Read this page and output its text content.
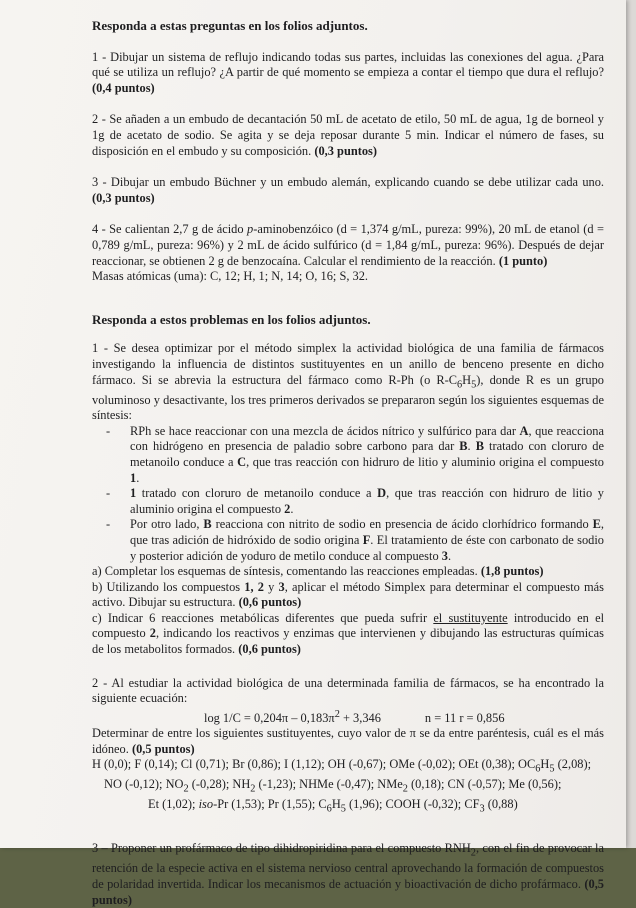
Responda a estas preguntas en los folios adjuntos.

1 - Dibujar un sistema de reflujo indicando todas sus partes, incluidas las conexiones del agua. ¿Para qué se utiliza un reflujo? ¿A partir de qué momento se empieza a contar el tiempo que dura el reflujo? (0,4 puntos)

2 - Se añaden a un embudo de decantación 50 mL de acetato de etilo, 50 mL de agua, 1g de borneol y 1g de acetato de sodio. Se agita y se deja reposar durante 5 min. Indicar el número de fases, su disposición en el embudo y su composición. (0,3 puntos)

3 - Dibujar un embudo Büchner y un embudo alemán, explicando cuando se debe utilizar cada uno. (0,3 puntos)

4 - Se calientan 2,7 g de ácido p-aminobenzóico (d = 1,374 g/mL, pureza: 99%), 20 mL de etanol (d = 0,789 g/mL, pureza: 96%) y 2 mL de ácido sulfúrico (d = 1,84 g/mL, pureza: 96%). Después de dejar reaccionar, se obtienen 2 g de benzocaína. Calcular el rendimiento de la reacción. (1 punto)

Masas atómicas (uma): C, 12; H, 1; N, 14; O, 16; S, 32.

Responda a estos problemas en los folios adjuntos.

1 - Se desea optimizar por el método simplex la actividad biológica de una familia de fármacos investigando la influencia de distintos sustituyentes en un anillo de benceno presente en dicho fármaco. Si se abrevia la estructura del fármaco como R-Ph (o $R-C_6H_5$), donde R es un grupo voluminoso y desactivante, los tres primeros derivados se prepararon según los siguientes esquemas de síntesis:

- RPh se hace reaccionar con una mezcla de ácidos nítrico y sulfúrico para dar A, que reacciona con hidrógeno en presencia de paladio sobre carbono para dar B. B tratado con cloruro de metanoilo conduce a C, que tras reacción con hidruro de litio y aluminio origina el compuesto 1.
- 1 tratado con cloruro de metanoilo conduce a D, que tras reacción con hidruro de litio y aluminio origina el compuesto 2.
- Por otro lado, B reacciona con nitrito de sodio en presencia de ácido clorhídrico formando E, que tras adición de hidróxido de sodio origina F. El tratamiento de éste con carbonato de sodio y posterior adición de yoduro de metilo conduce al compuesto 3.

a) Completar los esquemas de síntesis, comentando las reacciones empleadas. (1,8 puntos)

b) Utilizando los compuestos 1, 2 y 3, aplicar el método Simplex para determinar el compuesto más activo. Dibujar su estructura. (0,6 puntos)

c) Indicar 6 reacciones metabólicas diferentes que pueda sufrir el sustituyente introducido en el compuesto 2, indicando los reactivos y enzimas que intervienen y dibujando las estructuras químicas de los metabolitos formados. (0,6 puntos)

2 - Al estudiar la actividad biológica de una determinada familia de fármacos, se ha encontrado la siguiente ecuación:

$\log 1/C = 0,204\pi - 0,183\pi^2 + 3,346$	n = 11 r = 0,856

Determinar de entre los siguientes sustituyentes, cuyo valor de π se da entre paréntesis, cuál es el más idóneo. (0,5 puntos)

H (0,0); F (0,14); Cl (0,71); Br (0,86); I (1,12); OH (-0,67); OMe (-0,02); OEt (0,38); $OC_6H_5$ (2,08);
NO (-0,12); $NO_2$ (-0,28); $NH_2$ (-1,23); NHMe (-0,47); NMe$_2$ (0,18); CN (-0,57); Me (0,56);
Et (1,02); iso-Pr (1,53); Pr (1,55); $C_6H_5$ (1,96); COOH (-0,32); $CF_3$ (0,88)

3 – Proponer un profármaco de tipo dihidropiridina para el compuesto $RNH_2$, con el fin de provocar la retención de la especie activa en el sistema nervioso central aprovechando la formación de compuestos de polaridad invertida. Indicar los mecanismos de actuación y bioactivación de dicho profármaco. (0,5 puntos)
